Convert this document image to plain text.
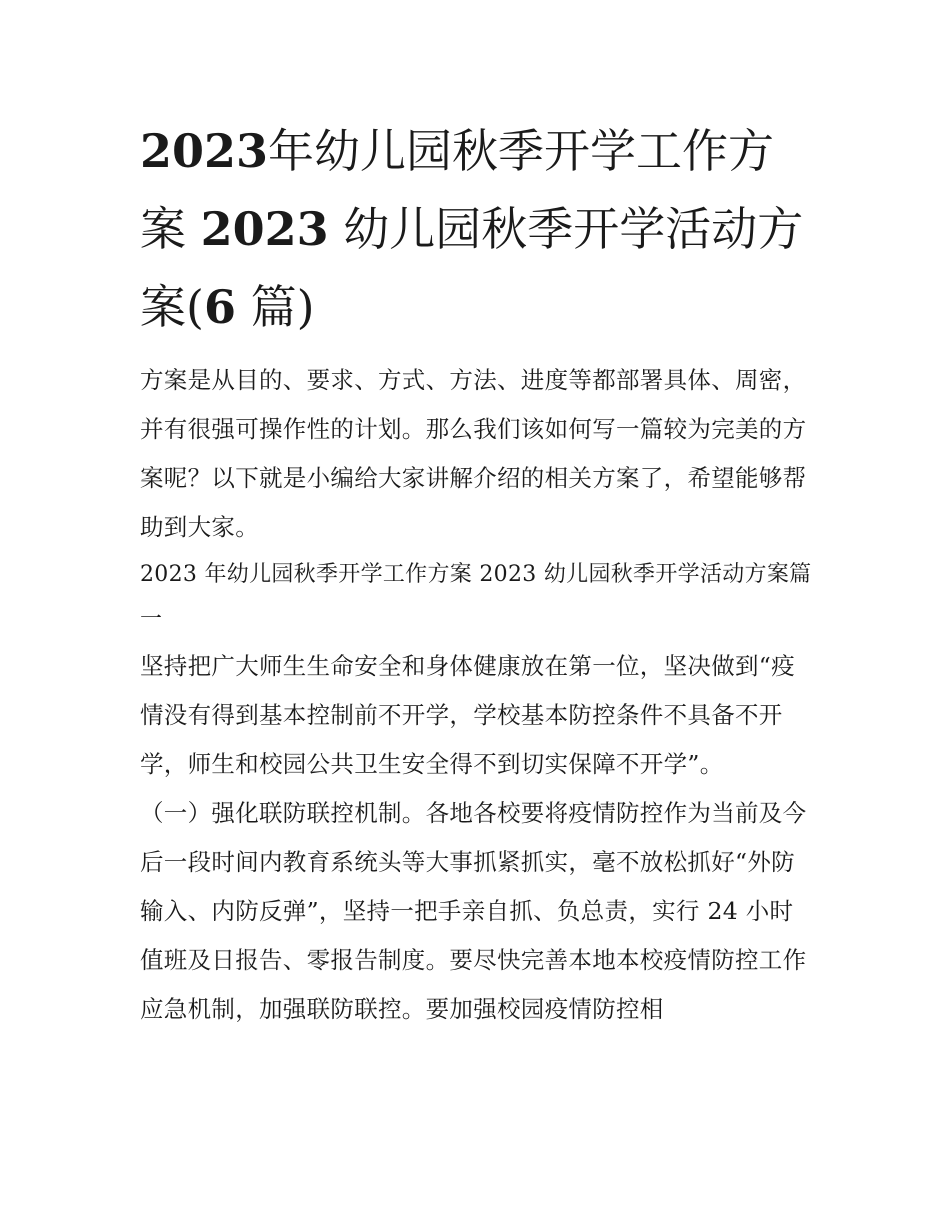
2023年幼儿园秋季开学工作方案 2023 幼儿园秋季开学活动方案(6 篇)

方案是从目的、要求、方式、方法、进度等都部署具体、周密，并有很强可操作性的计划。那么我们该如何写一篇较为完美的方案呢？以下就是小编给大家讲解介绍的相关方案了，希望能够帮助到大家。

2023 年幼儿园秋季开学工作方案 2023 幼儿园秋季开学活动方案篇一

坚持把广大师生生命安全和身体健康放在第一位，坚决做到“疫情没有得到基本控制前不开学，学校基本防控条件不具备不开学，师生和校园公共卫生安全得不到切实保障不开学”。

（一）强化联防联控机制。各地各校要将疫情防控作为当前及今后一段时间内教育系统头等大事抓紧抓实，毫不放松抓好“外防输入、内防反弹”，坚持一把手亲自抓、负总责，实行 24 小时值班及日报告、零报告制度。要尽快完善本地本校疫情防控工作应急机制，加强联防联控。要加强校园疫情防控相
